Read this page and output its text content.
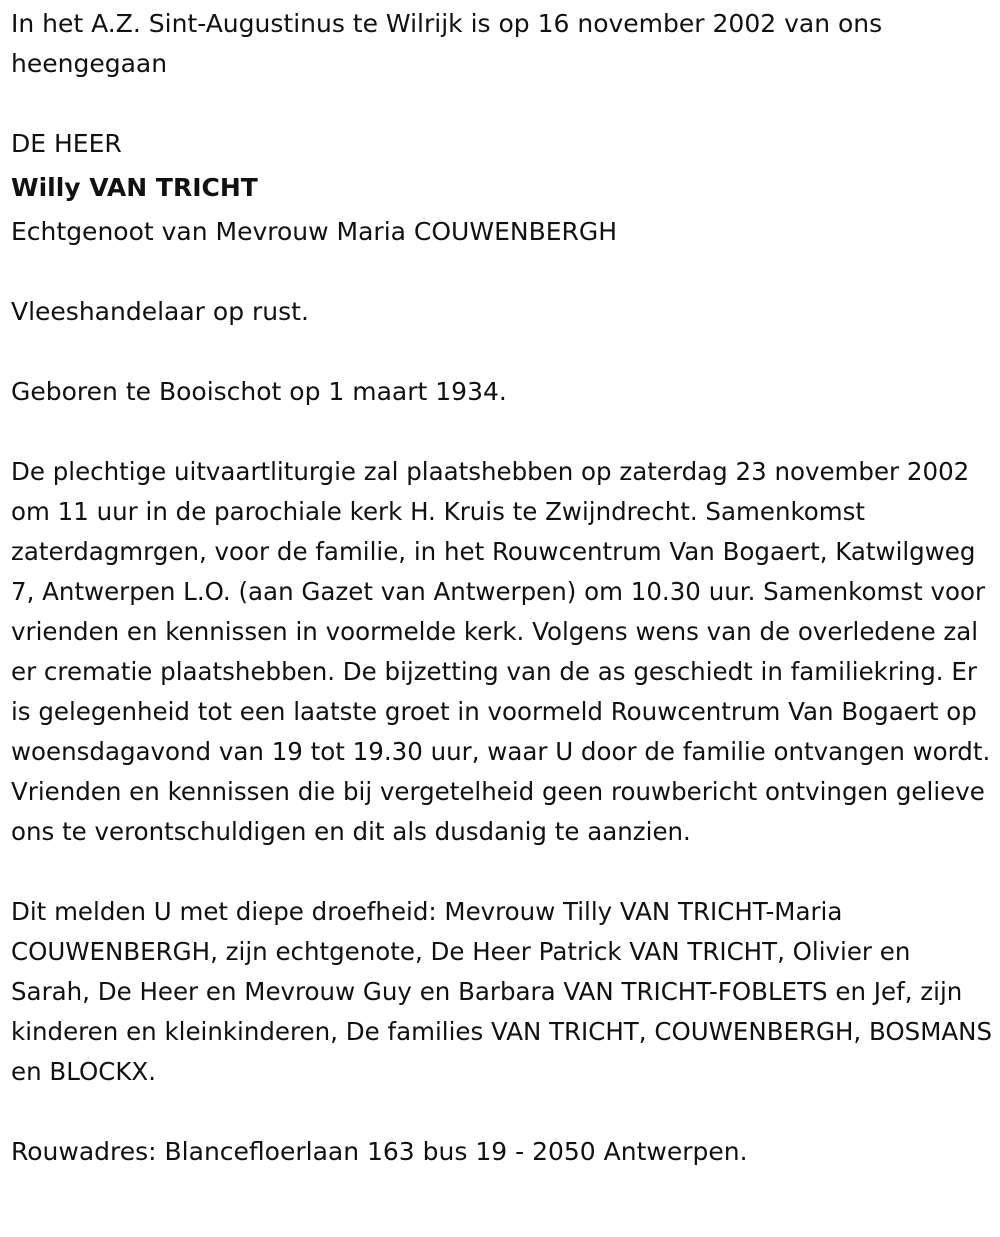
In het A.Z. Sint-Augustinus te Wilrijk is op 16 november 2002 van ons heengegaan

DE HEER

Willy VAN TRICHT

Echtgenoot van Mevrouw Maria COUWENBERGH

Vleeshandelaar op rust.

Geboren te Booischot op 1 maart 1934.

De plechtige uitvaartliturgie zal plaatshebben op zaterdag 23 november 2002 om 11 uur in de parochiale kerk H. Kruis te Zwijndrecht. Samenkomst zaterdagmrgen, voor de familie, in het Rouwcentrum Van Bogaert, Katwilgweg 7, Antwerpen L.O. (aan Gazet van Antwerpen) om 10.30 uur. Samenkomst voor vrienden en kennissen in voormelde kerk. Volgens wens van de overledene zal er crematie plaatshebben. De bijzetting van de as geschiedt in familiekring. Er is gelegenheid tot een laatste groet in voormeld Rouwcentrum Van Bogaert op woensdagavond van 19 tot 19.30 uur, waar U door de familie ontvangen wordt. Vrienden en kennissen die bij vergetelheid geen rouwbericht ontvingen gelieve ons te verontschuldigen en dit als dusdanig te aanzien.

Dit melden U met diepe droefheid: Mevrouw Tilly VAN TRICHT-Maria COUWENBERGH, zijn echtgenote, De Heer Patrick VAN TRICHT, Olivier en Sarah, De Heer en Mevrouw Guy en Barbara VAN TRICHT-FOBLETS en Jef, zijn kinderen en kleinkinderen, De families VAN TRICHT, COUWENBERGH, BOSMANS en BLOCKX.

Rouwadres: Blancefloerlaan 163 bus 19 - 2050 Antwerpen.
